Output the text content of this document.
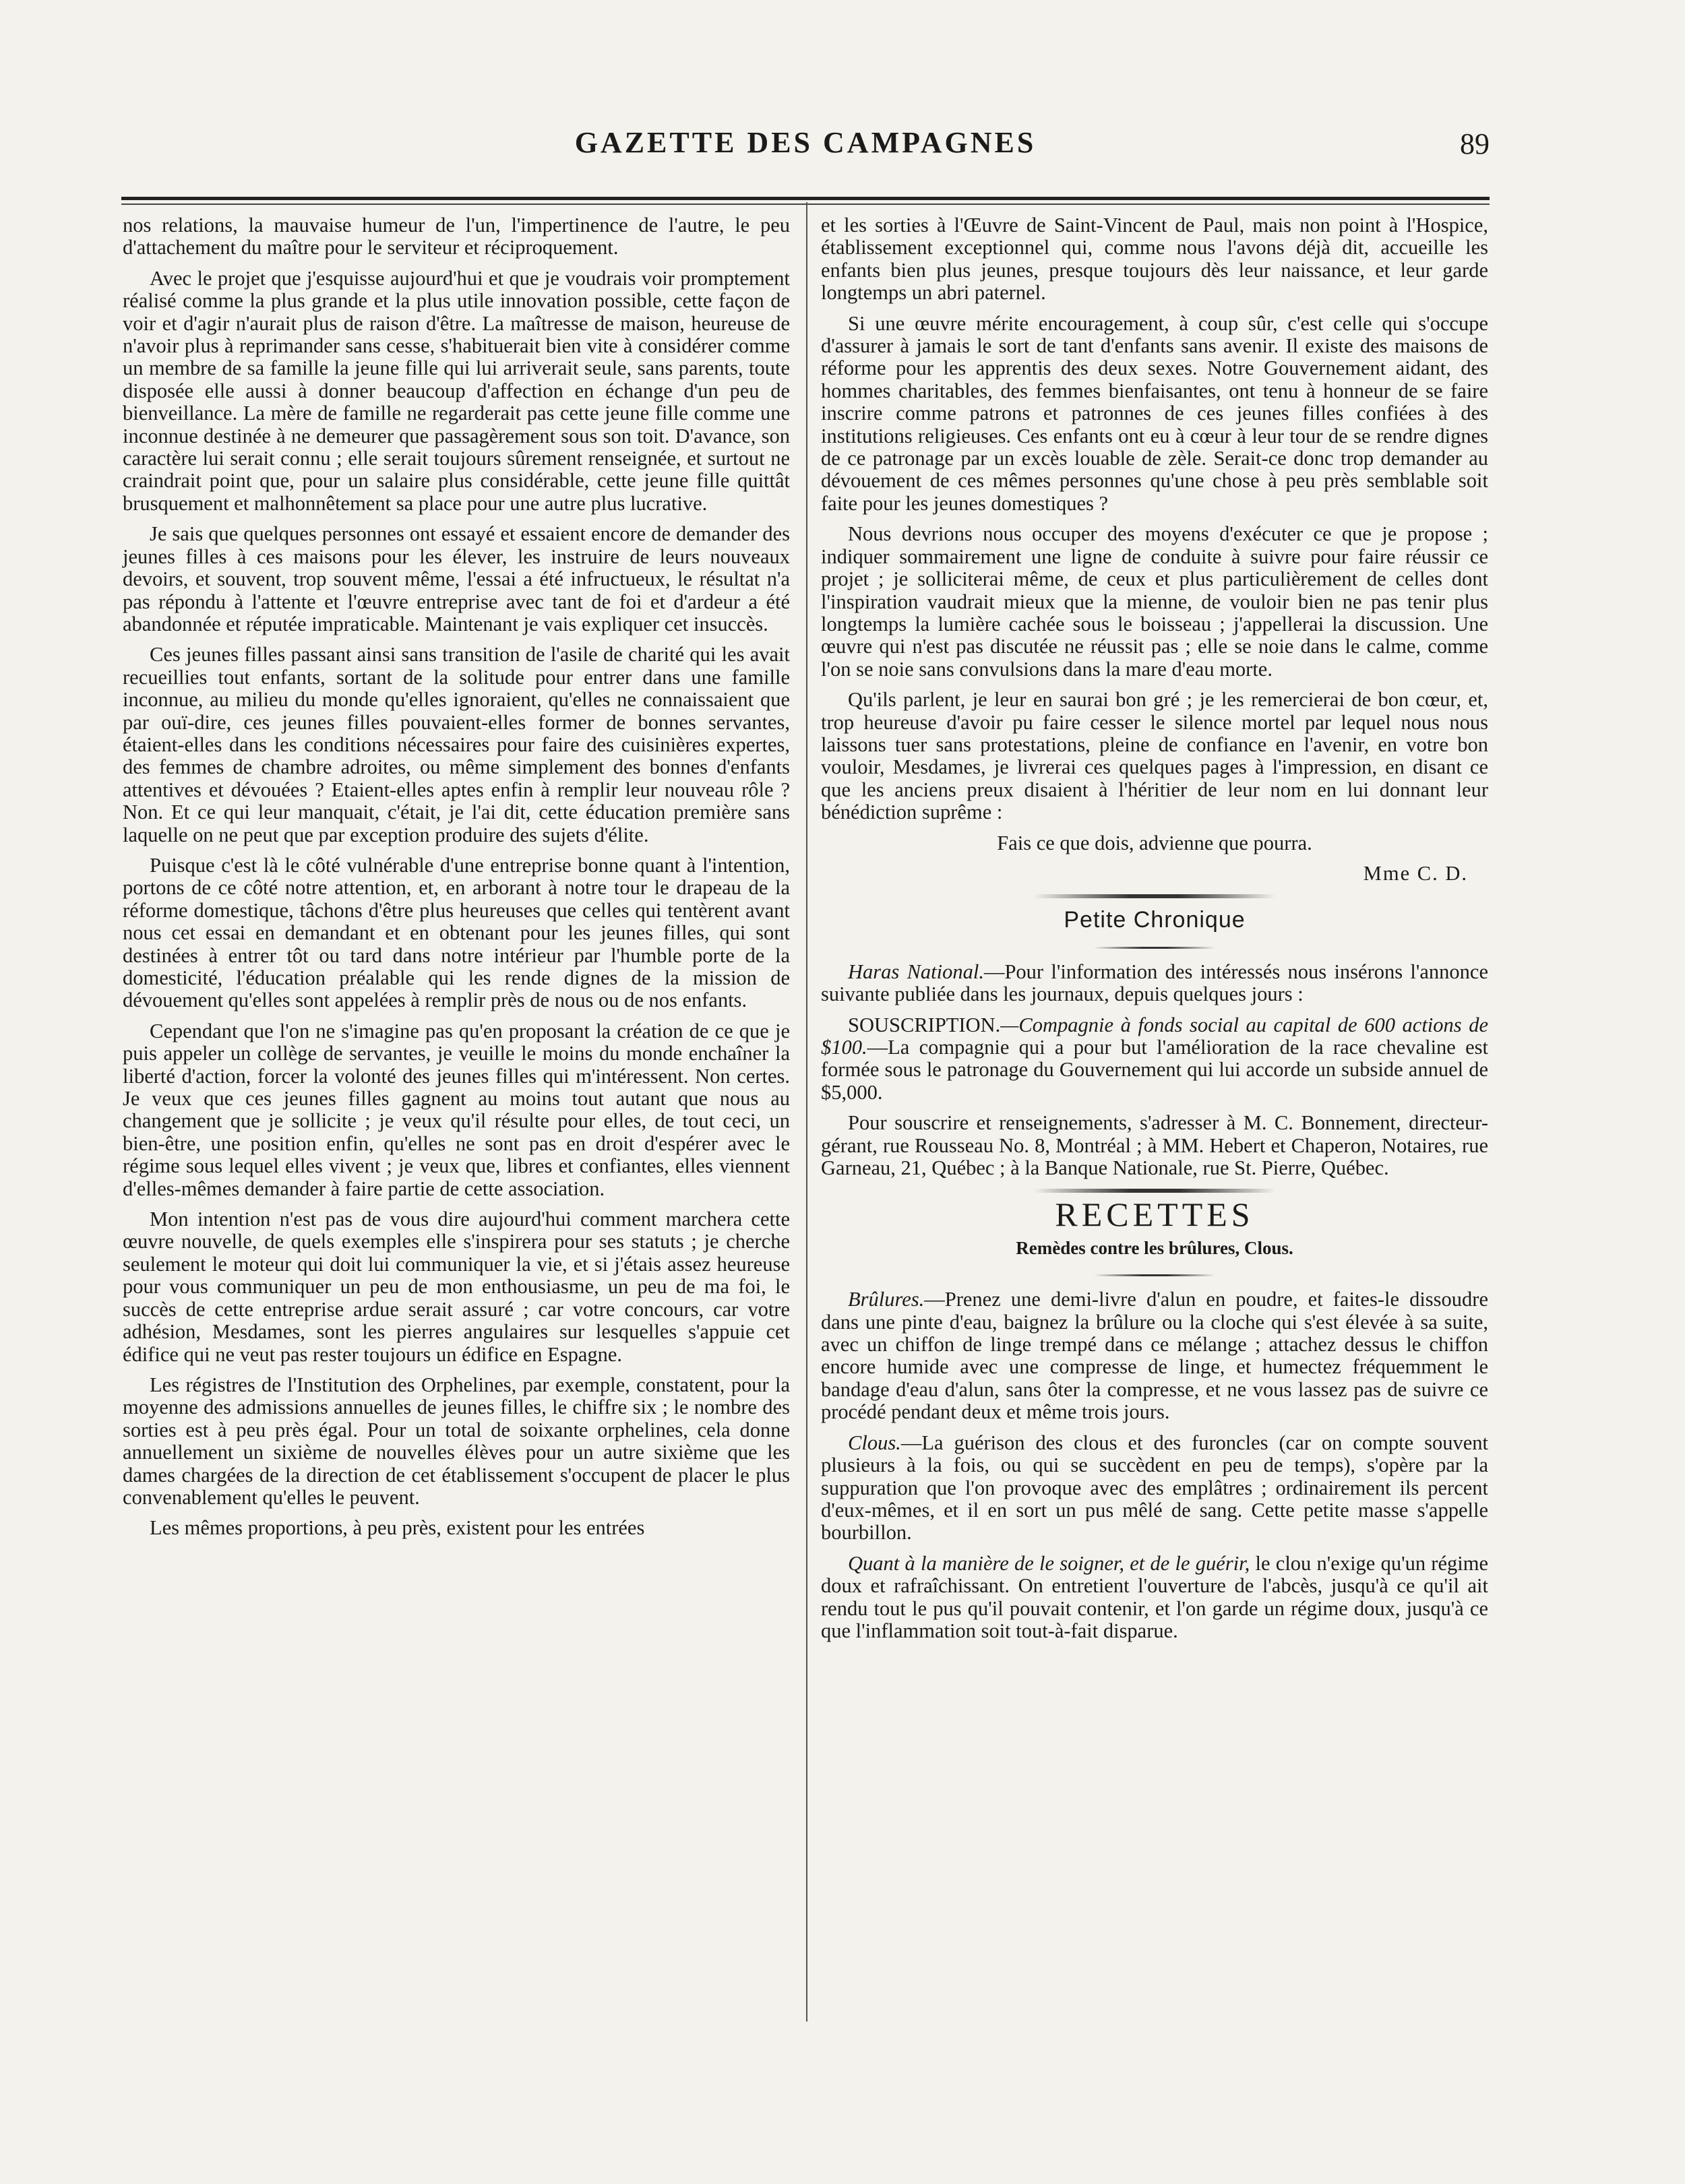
GAZETTE DES CAMPAGNES	89

nos relations, la mauvaise humeur de l'un, l'impertinence de l'autre, le peu d'attachement du maître pour le serviteur et réciproquement.

Avec le projet que j'esquisse aujourd'hui et que je voudrais voir promptement réalisé comme la plus grande et la plus utile innovation possible, cette façon de voir et d'agir n'aurait plus de raison d'être. La maîtresse de maison, heureuse de n'avoir plus à reprimander sans cesse, s'habituerait bien vite à considérer comme un membre de sa famille la jeune fille qui lui arriverait seule, sans parents, toute disposée elle aussi à donner beaucoup d'affection en échange d'un peu de bienveillance. La mère de famille ne regarderait pas cette jeune fille comme une inconnue destinée à ne demeurer que passagèrement sous son toit. D'avance, son caractère lui serait connu ; elle serait toujours sûrement renseignée, et surtout ne craindrait point que, pour un salaire plus considérable, cette jeune fille quittât brusquement et malhonnêtement sa place pour une autre plus lucrative.

Je sais que quelques personnes ont essayé et essaient encore de demander des jeunes filles à ces maisons pour les élever, les instruire de leurs nouveaux devoirs, et souvent, trop souvent même, l'essai a été infructueux, le résultat n'a pas répondu à l'attente et l'œuvre entreprise avec tant de foi et d'ardeur a été abandonnée et réputée impraticable. Maintenant je vais expliquer cet insuccès.

Ces jeunes filles passant ainsi sans transition de l'asile de charité qui les avait recueillies tout enfants, sortant de la solitude pour entrer dans une famille inconnue, au milieu du monde qu'elles ignoraient, qu'elles ne connaissaient que par ouï-dire, ces jeunes filles pouvaient-elles former de bonnes servantes, étaient-elles dans les conditions nécessaires pour faire des cuisinières expertes, des femmes de chambre adroites, ou même simplement des bonnes d'enfants attentives et dévouées ? Etaient-elles aptes enfin à remplir leur nouveau rôle ? Non. Et ce qui leur manquait, c'était, je l'ai dit, cette éducation première sans laquelle on ne peut que par exception produire des sujets d'élite.

Puisque c'est là le côté vulnérable d'une entreprise bonne quant à l'intention, portons de ce côté notre attention, et, en arborant à notre tour le drapeau de la réforme domestique, tâchons d'être plus heureuses que celles qui tentèrent avant nous cet essai en demandant et en obtenant pour les jeunes filles, qui sont destinées à entrer tôt ou tard dans notre intérieur par l'humble porte de la domesticité, l'éducation préalable qui les rende dignes de la mission de dévouement qu'elles sont appelées à remplir près de nous ou de nos enfants.

Cependant que l'on ne s'imagine pas qu'en proposant la création de ce que je puis appeler un collège de servantes, je veuille le moins du monde enchaîner la liberté d'action, forcer la volonté des jeunes filles qui m'intéressent. Non certes. Je veux que ces jeunes filles gagnent au moins tout autant que nous au changement que je sollicite ; je veux qu'il résulte pour elles, de tout ceci, un bien-être, une position enfin, qu'elles ne sont pas en droit d'espérer avec le régime sous lequel elles vivent ; je veux que, libres et confiantes, elles viennent d'elles-mêmes demander à faire partie de cette association.

Mon intention n'est pas de vous dire aujourd'hui comment marchera cette œuvre nouvelle, de quels exemples elle s'inspirera pour ses statuts ; je cherche seulement le moteur qui doit lui communiquer la vie, et si j'étais assez heureuse pour vous communiquer un peu de mon enthousiasme, un peu de ma foi, le succès de cette entreprise ardue serait assuré ; car votre concours, car votre adhésion, Mesdames, sont les pierres angulaires sur lesquelles s'appuie cet édifice qui ne veut pas rester toujours un édifice en Espagne.

Les régistres de l'Institution des Orphelines, par exemple, constatent, pour la moyenne des admissions annuelles de jeunes filles, le chiffre six ; le nombre des sorties est à peu près égal. Pour un total de soixante orphelines, cela donne annuellement un sixième de nouvelles élèves pour un autre sixième que les dames chargées de la direction de cet établissement s'occupent de placer le plus convenablement qu'elles le peuvent.

Les mêmes proportions, à peu près, existent pour les entrées

et les sorties à l'Œuvre de Saint-Vincent de Paul, mais non point à l'Hospice, établissement exceptionnel qui, comme nous l'avons déjà dit, accueille les enfants bien plus jeunes, presque toujours dès leur naissance, et leur garde longtemps un abri paternel.

Si une œuvre mérite encouragement, à coup sûr, c'est celle qui s'occupe d'assurer à jamais le sort de tant d'enfants sans avenir. Il existe des maisons de réforme pour les apprentis des deux sexes. Notre Gouvernement aidant, des hommes charitables, des femmes bienfaisantes, ont tenu à honneur de se faire inscrire comme patrons et patronnes de ces jeunes filles confiées à des institutions religieuses. Ces enfants ont eu à cœur à leur tour de se rendre dignes de ce patronage par un excès louable de zèle. Serait-ce donc trop demander au dévouement de ces mêmes personnes qu'une chose à peu près semblable soit faite pour les jeunes domestiques ?

Nous devrions nous occuper des moyens d'exécuter ce que je propose ; indiquer sommairement une ligne de conduite à suivre pour faire réussir ce projet ; je solliciterai même, de ceux et plus particulièrement de celles dont l'inspiration vaudrait mieux que la mienne, de vouloir bien ne pas tenir plus longtemps la lumière cachée sous le boisseau ; j'appellerai la discussion. Une œuvre qui n'est pas discutée ne réussit pas ; elle se noie dans le calme, comme l'on se noie sans convulsions dans la mare d'eau morte.

Qu'ils parlent, je leur en saurai bon gré ; je les remercierai de bon cœur, et, trop heureuse d'avoir pu faire cesser le silence mortel par lequel nous nous laissons tuer sans protestations, pleine de confiance en l'avenir, en votre bon vouloir, Mesdames, je livrerai ces quelques pages à l'impression, en disant ce que les anciens preux disaient à l'héritier de leur nom en lui donnant leur bénédiction suprême :

Fais ce que dois, advienne que pourra.

Mme C. D.

Petite Chronique

Haras National.—Pour l'information des intéressés nous insérons l'annonce suivante publiée dans les journaux, depuis quelques jours :

SOUSCRIPTION.—Compagnie à fonds social au capital de 600 actions de $100.—La compagnie qui a pour but l'amélioration de la race chevaline est formée sous le patronage du Gouvernement qui lui accorde un subside annuel de $5,000.

Pour souscrire et renseignements, s'adresser à M. C. Bonnement, directeur-gérant, rue Rousseau No. 8, Montréal ; à MM. Hebert et Chaperon, Notaires, rue Garneau, 21, Québec ; à la Banque Nationale, rue St. Pierre, Québec.

RECETTES
Remèdes contre les brûlures, Clous.

Brûlures.—Prenez une demi-livre d'alun en poudre, et faites-le dissoudre dans une pinte d'eau, baignez la brûlure ou la cloche qui s'est élevée à sa suite, avec un chiffon de linge trempé dans ce mélange ; attachez dessus le chiffon encore humide avec une compresse de linge, et humectez fréquemment le bandage d'eau d'alun, sans ôter la compresse, et ne vous lassez pas de suivre ce procédé pendant deux et même trois jours.

Clous.—La guérison des clous et des furoncles (car on compte souvent plusieurs à la fois, ou qui se succèdent en peu de temps), s'opère par la suppuration que l'on provoque avec des emplâtres ; ordinairement ils percent d'eux-mêmes, et il en sort un pus mêlé de sang. Cette petite masse s'appelle bourbillon.

Quant à la manière de le soigner, et de le guérir, le clou n'exige qu'un régime doux et rafraîchissant. On entretient l'ouverture de l'abcès, jusqu'à ce qu'il ait rendu tout le pus qu'il pouvait contenir, et l'on garde un régime doux, jusqu'à ce que l'inflammation soit tout-à-fait disparue.
